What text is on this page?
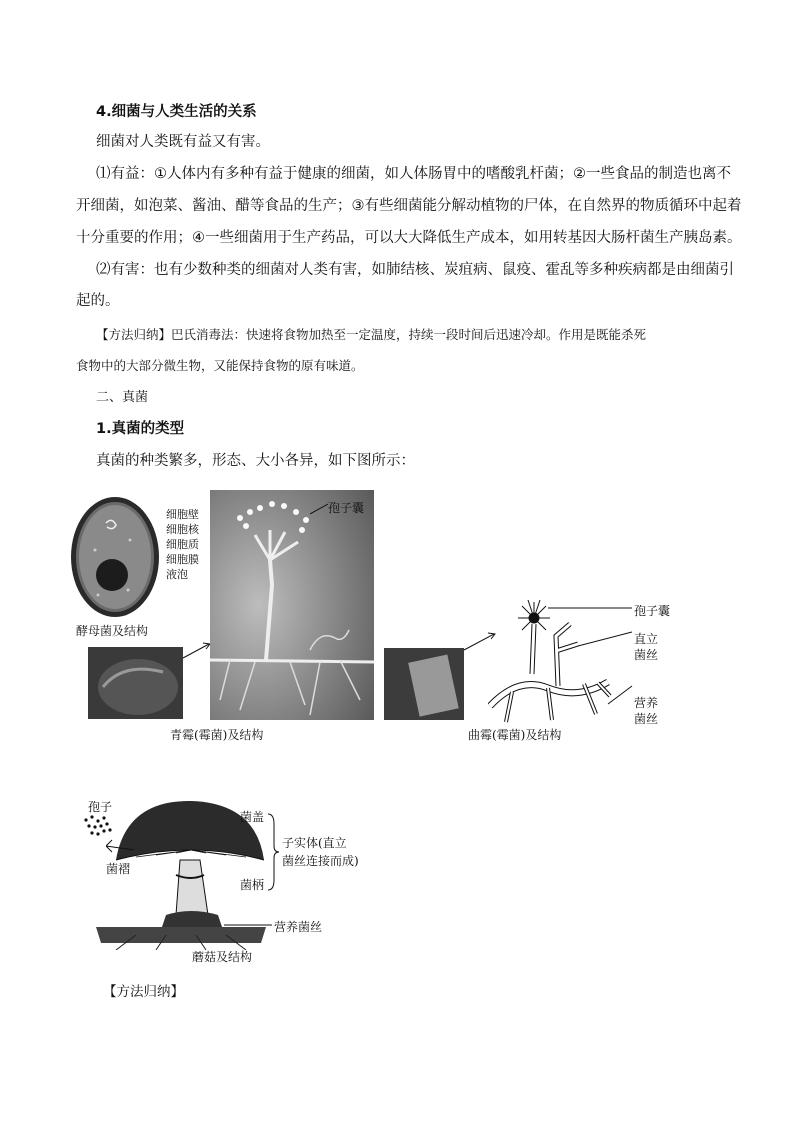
4.细菌与人类生活的关系
细菌对人类既有益又有害。
⑴有益：①人体内有多种有益于健康的细菌，如人体肠胃中的嗜酸乳杆菌；②一些食品的制造也离不
开细菌，如泡菜、酱油、醋等食品的生产；③有些细菌能分解动植物的尸体，在自然界的物质循环中起着
十分重要的作用；④一些细菌用于生产药品，可以大大降低生产成本，如用转基因大肠杆菌生产胰岛素。
⑵有害：也有少数种类的细菌对人类有害，如肺结核、炭疽病、鼠疫、霍乱等多种疾病都是由细菌引
起的。
【方法归纳】巴氏消毒法：快速将食物加热至一定温度，持续一段时间后迅速冷却。作用是既能杀死
食物中的大部分微生物，又能保持食物的原有味道。
二、真菌
1.真菌的类型
真菌的种类繁多，形态、大小各异，如下图所示：
细胞壁
细胞核
细胞质
细胞膜
液泡
酵母菌及结构
孢子囊
青霉(霉菌)及结构
孢子囊
直立
菌丝
营养
菌丝
曲霉(霉菌)及结构
孢子
菌盖
菌褶
菌柄
子实体(直立
菌丝连接而成)
营养菌丝
蘑菇及结构
【方法归纳】
